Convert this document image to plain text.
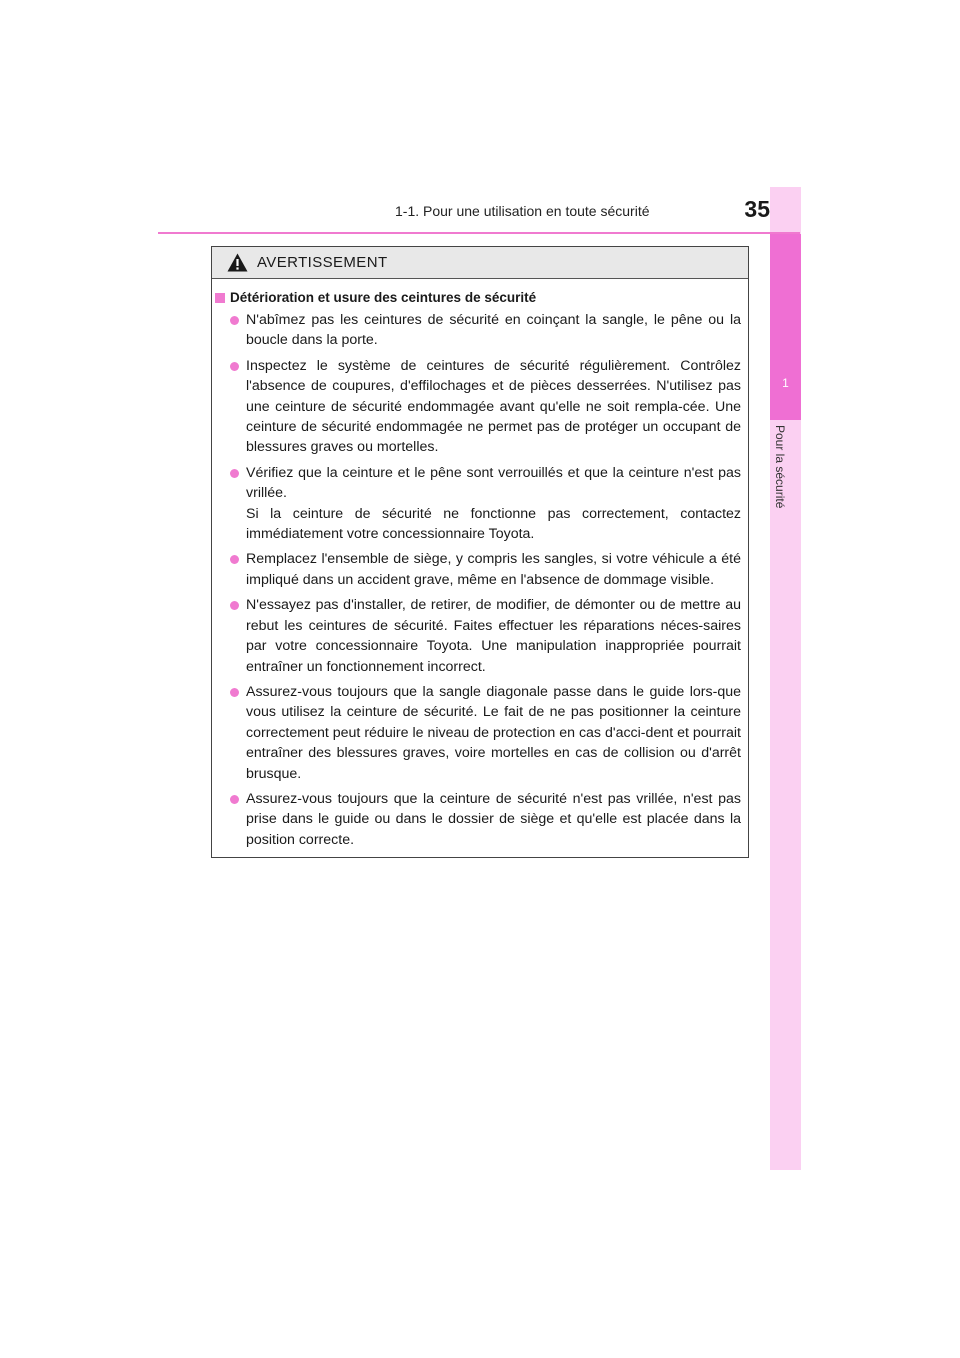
1
Pour la sécurité
1-1. Pour une utilisation en toute sécurité	35
AVERTISSEMENT
Détérioration et usure des ceintures de sécurité
N'abîmez pas les ceintures de sécurité en coinçant la sangle, le pêne ou la boucle dans la porte.
Inspectez le système de ceintures de sécurité régulièrement. Contrôlez l'absence de coupures, d'effilochages et de pièces desserrées. N'utilisez pas une ceinture de sécurité endommagée avant qu'elle ne soit rempla-cée. Une ceinture de sécurité endommagée ne permet pas de protéger un occupant de blessures graves ou mortelles.
Vérifiez que la ceinture et le pêne sont verrouillés et que la ceinture n'est pas vrillée.
Si la ceinture de sécurité ne fonctionne pas correctement, contactez immédiatement votre concessionnaire Toyota.
Remplacez l'ensemble de siège, y compris les sangles, si votre véhicule a été impliqué dans un accident grave, même en l'absence de dommage visible.
N'essayez pas d'installer, de retirer, de modifier, de démonter ou de mettre au rebut les ceintures de sécurité. Faites effectuer les réparations néces-saires par votre concessionnaire Toyota. Une manipulation inappropriée pourrait entraîner un fonctionnement incorrect.
Assurez-vous toujours que la sangle diagonale passe dans le guide lors-que vous utilisez la ceinture de sécurité. Le fait de ne pas positionner la ceinture correctement peut réduire le niveau de protection en cas d'acci-dent et pourrait entraîner des blessures graves, voire mortelles en cas de collision ou d'arrêt brusque.
Assurez-vous toujours que la ceinture de sécurité n'est pas vrillée, n'est pas prise dans le guide ou dans le dossier de siège et qu'elle est placée dans la position correcte.
